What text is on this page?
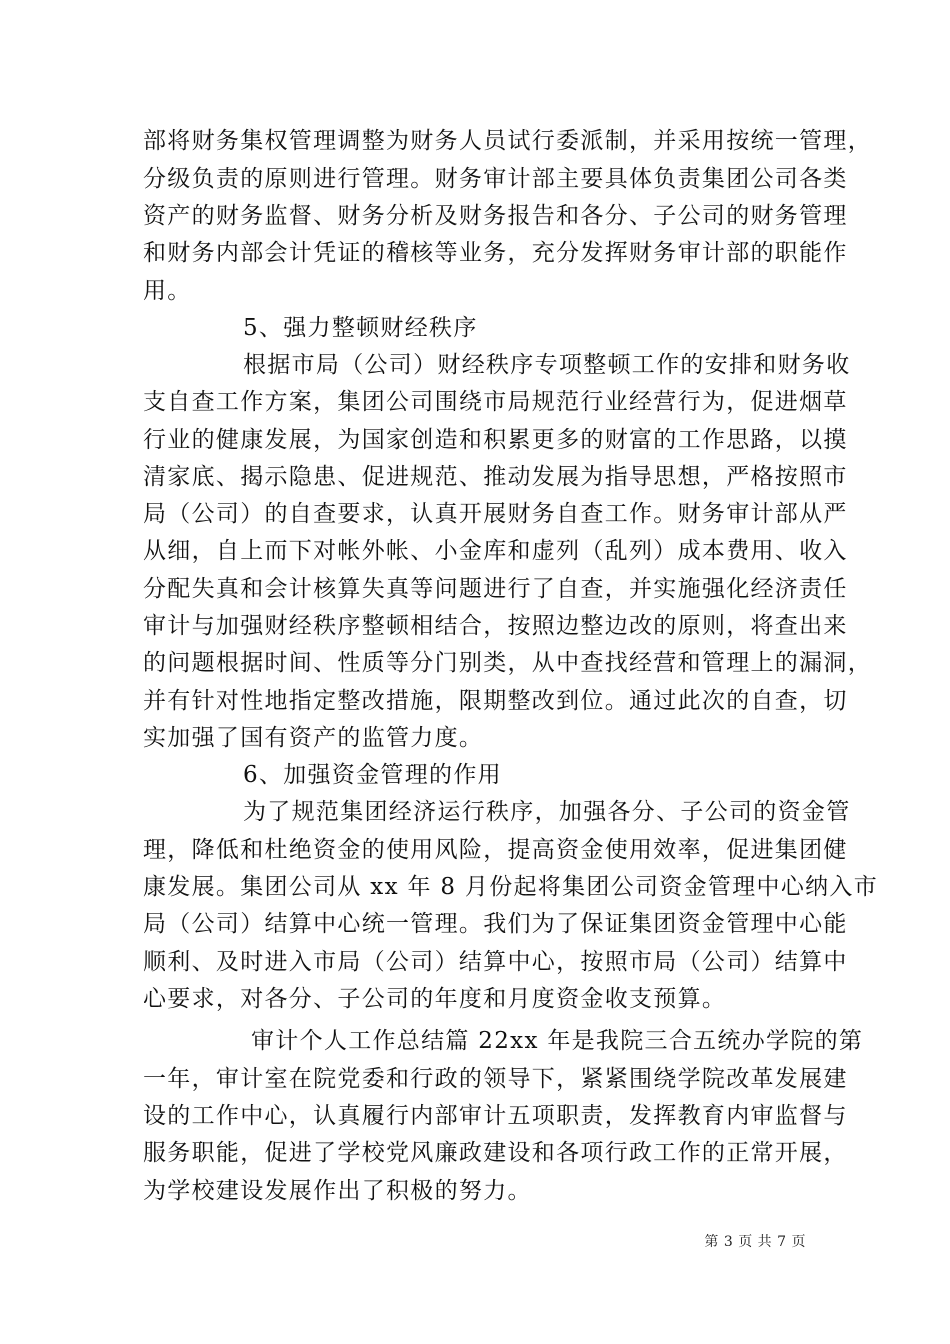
部将财务集权管理调整为财务人员试行委派制，并采用按统一管理，
分级负责的原则进行管理。财务审计部主要具体负责集团公司各类
资产的财务监督、财务分析及财务报告和各分、子公司的财务管理
和财务内部会计凭证的稽核等业务，充分发挥财务审计部的职能作
用。
5、强力整顿财经秩序
根据市局（公司）财经秩序专项整顿工作的安排和财务收
支自查工作方案，集团公司围绕市局规范行业经营行为，促进烟草
行业的健康发展，为国家创造和积累更多的财富的工作思路，以摸
清家底、揭示隐患、促进规范、推动发展为指导思想，严格按照市
局（公司）的自查要求，认真开展财务自查工作。财务审计部从严
从细，自上而下对帐外帐、小金库和虚列（乱列）成本费用、收入
分配失真和会计核算失真等问题进行了自查，并实施强化经济责任
审计与加强财经秩序整顿相结合，按照边整边改的原则，将查出来
的问题根据时间、性质等分门别类，从中查找经营和管理上的漏洞，
并有针对性地指定整改措施，限期整改到位。通过此次的自查，切
实加强了国有资产的监管力度。
6、加强资金管理的作用
为了规范集团经济运行秩序，加强各分、子公司的资金管
理，降低和杜绝资金的使用风险，提高资金使用效率，促进集团健
康发展。集团公司从 xx 年 8 月份起将集团公司资金管理中心纳入市
局（公司）结算中心统一管理。我们为了保证集团资金管理中心能
顺利、及时进入市局（公司）结算中心，按照市局（公司）结算中
心要求，对各分、子公司的年度和月度资金收支预算。
审计个人工作总结篇 22xx 年是我院三合五统办学院的第
一年，审计室在院党委和行政的领导下，紧紧围绕学院改革发展建
设的工作中心，认真履行内部审计五项职责，发挥教育内审监督与
服务职能，促进了学校党风廉政建设和各项行政工作的正常开展，
为学校建设发展作出了积极的努力。
第 3 页 共 7 页
